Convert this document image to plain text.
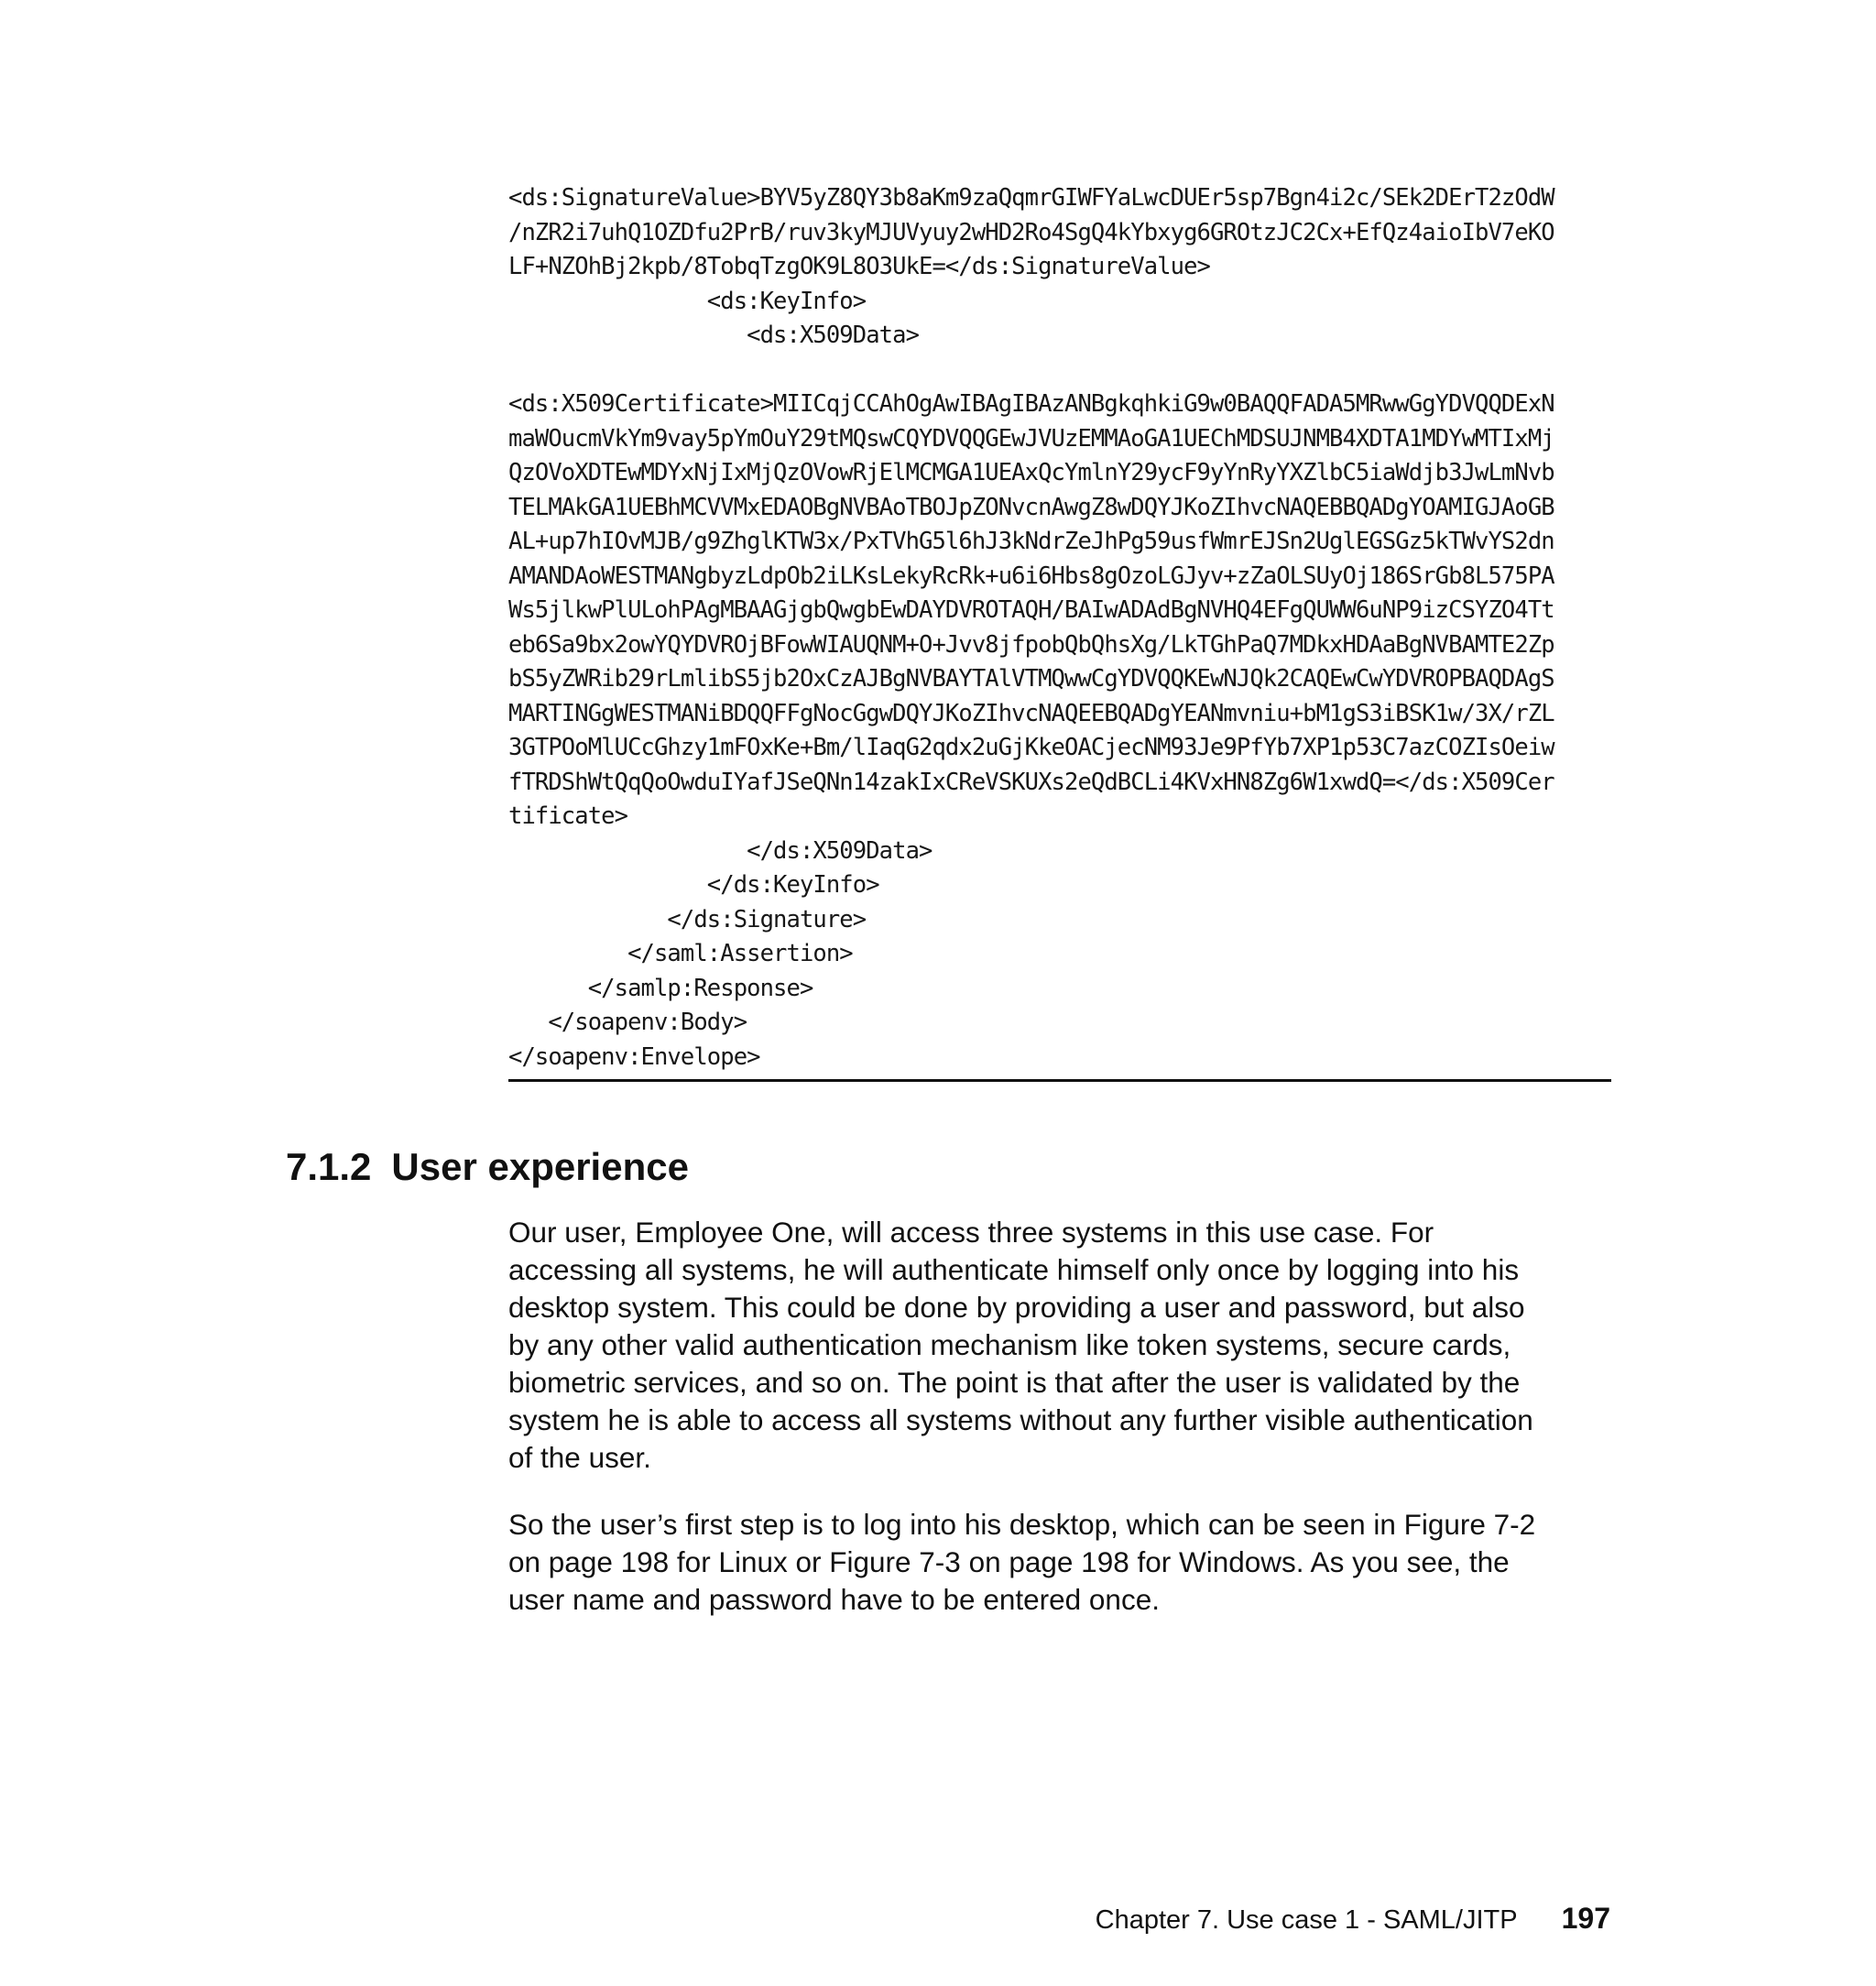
<ds:SignatureValue>BYV5yZ8QY3b8aKm9zaQqmrGIWFYaLwcDUEr5sp7Bgn4i2c/SEk2DErT2zOdW
/nZR2i7uhQ1OZDfu2PrB/ruv3kyMJUVyuy2wHD2Ro4SgQ4kYbxyg6GROtzJC2Cx+EfQz4aioIbV7eKO
LF+NZOhBj2kpb/8TobqTzgOK9L8O3UkE=</ds:SignatureValue>
<ds:KeyInfo>
<ds:X509Data>
<ds:X509Certificate>MIICqjCCAhOgAwIBAgIBAzANBgkqhkiG9w0BAQQFADA5MRwwGgYDVQQDExN
maWOucmVkYm9vay5pYmOuY29tMQswCQYDVQQGEwJVUzEMMAoGA1UEChMDSUJNMB4XDTA1MDYwMTIxMj
QzOVoXDTEwMDYxNjIxMjQzOVowRjElMCMGA1UEAxQcYmlnY29ycF9yYnRyYXZlbC5iaWdjb3JwLmNvb
TELMAkGA1UEBhMCVVMxEDAOBgNVBAoTBOJpZONvcnAwgZ8wDQYJKoZIhvcNAQEBBQADgYOAMIGJAoGB
AL+up7hIOvMJB/g9ZhglKTW3x/PxTVhG5l6hJ3kNdrZeJhPg59usfWmrEJSn2UglEGSGz5kTWvYS2dn
AMANDAoWESTMANgbyzLdpOb2iLKsLekyRcRk+u6i6Hbs8gOzoLGJyv+zZaOLSUyOj186SrGb8L575PA
Ws5jlkwPlULohPAgMBAAGjgbQwgbEwDAYDVROTAQH/BAIwADAdBgNVHQ4EFgQUWW6uNP9izCSYZO4Tt
eb6Sa9bx2owYQYDVROjBFowWIAUQNM+O+Jvv8jfpobQbQhsXg/LkTGhPaQ7MDkxHDAaBgNVBAMTE2Zp
bS5yZWRib29rLmlibS5jb2OxCzAJBgNVBAYTAlVTMQwwCgYDVQQKEwNJQk2CAQEwCwYDVROPBAQDAgS
MARTINGgWESTMANiBDQQFFgNocGgwDQYJKoZIhvcNAQEEBQADgYEANmvniu+bM1gS3iBSK1w/3X/rZL
3GTPOoMlUCcGhzy1mFOxKe+Bm/lIaqG2qdx2uGjKkeOACjecNM93Je9PfYb7XP1p53C7azCOZIsOeiw
fTRDShWtQqQoOwduIYafJSeQNn14zakIxCReVSKUXs2eQdBCLi4KVxHN8Zg6W1xwdQ=</ds:X509Cer
tificate>
</ds:X509Data>
</ds:KeyInfo>
</ds:Signature>
</saml:Assertion>
</samlp:Response>
</soapenv:Body>
</soapenv:Envelope>
7.1.2 User experience
Our user, Employee One, will access three systems in this use case. For
accessing all systems, he will authenticate himself only once by logging into his
desktop system. This could be done by providing a user and password, but also
by any other valid authentication mechanism like token systems, secure cards,
biometric services, and so on. The point is that after the user is validated by the
system he is able to access all systems without any further visible authentication
of the user.
So the user’s first step is to log into his desktop, which can be seen in Figure 7-2
on page 198 for Linux or Figure 7-3 on page 198 for Windows. As you see, the
user name and password have to be entered once.
Chapter 7. Use case 1 - SAML/JITP 197
